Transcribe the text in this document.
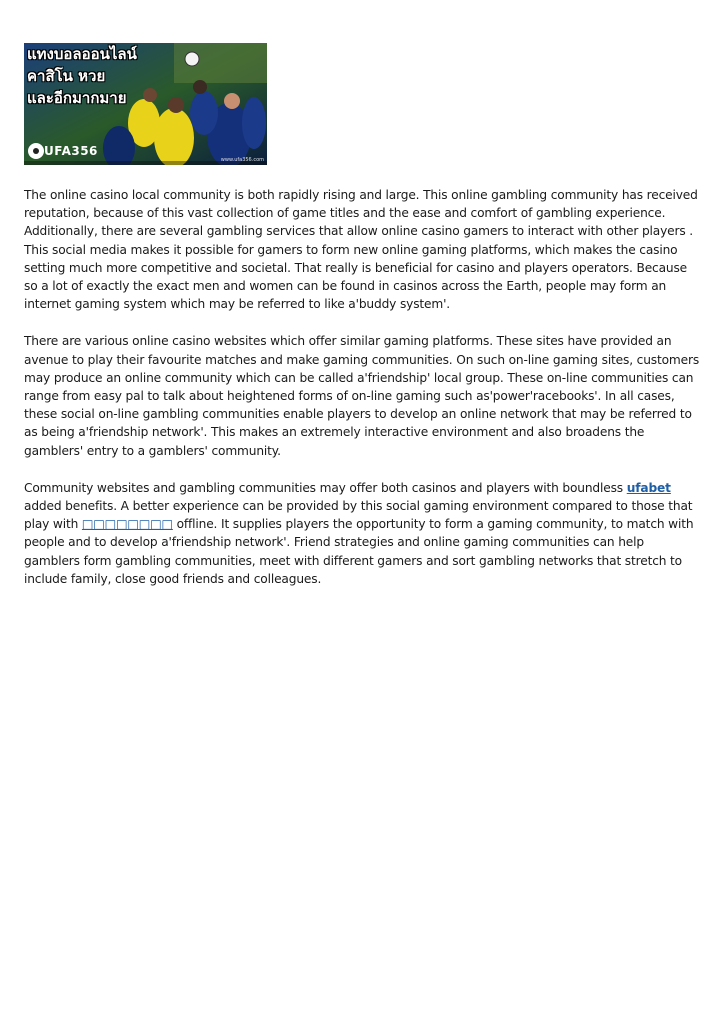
แทงบอลออนไลน์
คาสิโน หวย
และอีกมากมาย
UFA356
www.ufa356.com

The online casino local community is both rapidly rising and large. This online gambling community has received reputation, because of this vast collection of game titles and the ease and comfort of gambling experience. Additionally, there are several gambling services that allow online casino gamers to interact with other players . This social media makes it possible for gamers to form new online gaming platforms, which makes the casino setting much more competitive and societal. That really is beneficial for casino and players operators. Because so a lot of exactly the exact men and women can be found in casinos across the Earth, people may form an internet gaming system which may be referred to like a'buddy system'.

There are various online casino websites which offer similar gaming platforms. These sites have provided an avenue to play their favourite matches and make gaming communities. On such on-line gaming sites, customers may produce an online community which can be called a'friendship' local group. These on-line communities can range from easy pal to talk about heightened forms of on-line gaming such as'power'racebooks'. In all cases, these social on-line gambling communities enable players to develop an online network that may be referred to as being a'friendship network'. This makes an extremely interactive environment and also broadens the gamblers' entry to a gamblers' community.

Community websites and gambling communities may offer both casinos and players with boundless ufabet added benefits. A better experience can be provided by this social gaming environment compared to those that play with □□□□□□□□ offline. It supplies players the opportunity to form a gaming community, to match with people and to develop a'friendship network'. Friend strategies and online gaming communities can help gamblers form gambling communities, meet with different gamers and sort gambling networks that stretch to include family, close good friends and colleagues.
